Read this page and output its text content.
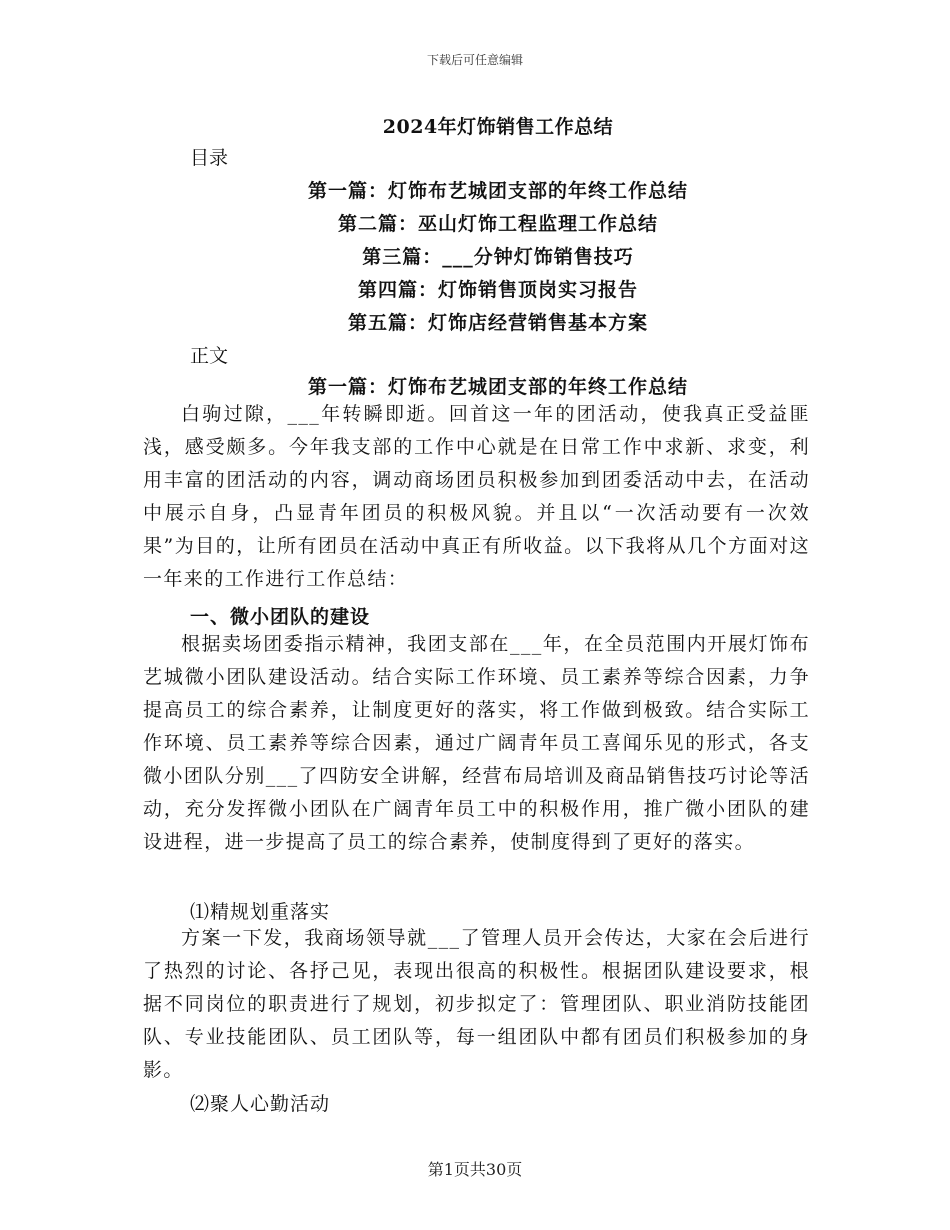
下载后可任意编辑
2024年灯饰销售工作总结
目录
第一篇：灯饰布艺城团支部的年终工作总结
第二篇：巫山灯饰工程监理工作总结
第三篇：___分钟灯饰销售技巧
第四篇：灯饰销售顶岗实习报告
第五篇：灯饰店经营销售基本方案
正文
第一篇：灯饰布艺城团支部的年终工作总结
白驹过隙，___年转瞬即逝。回首这一年的团活动，使我真正受益匪浅，感受颇多。今年我支部的工作中心就是在日常工作中求新、求变，利用丰富的团活动的内容，调动商场团员积极参加到团委活动中去，在活动中展示自身，凸显青年团员的积极风貌。并且以“一次活动要有一次效果”为目的，让所有团员在活动中真正有所收益。以下我将从几个方面对这一年来的工作进行工作总结：
一、微小团队的建设
根据卖场团委指示精神，我团支部在___年，在全员范围内开展灯饰布艺城微小团队建设活动。结合实际工作环境、员工素养等综合因素，力争提高员工的综合素养，让制度更好的落实，将工作做到极致。结合实际工作环境、员工素养等综合因素，通过广阔青年员工喜闻乐见的形式，各支微小团队分别___了四防安全讲解，经营布局培训及商品销售技巧讨论等活动，充分发挥微小团队在广阔青年员工中的积极作用，推广微小团队的建设进程，进一步提高了员工的综合素养，使制度得到了更好的落实。
⑴精规划重落实
方案一下发，我商场领导就___了管理人员开会传达，大家在会后进行了热烈的讨论、各抒己见，表现出很高的积极性。根据团队建设要求，根据不同岗位的职责进行了规划，初步拟定了：管理团队、职业消防技能团队、专业技能团队、员工团队等，每一组团队中都有团员们积极参加的身影。
⑵聚人心勤活动
第1页共30页
